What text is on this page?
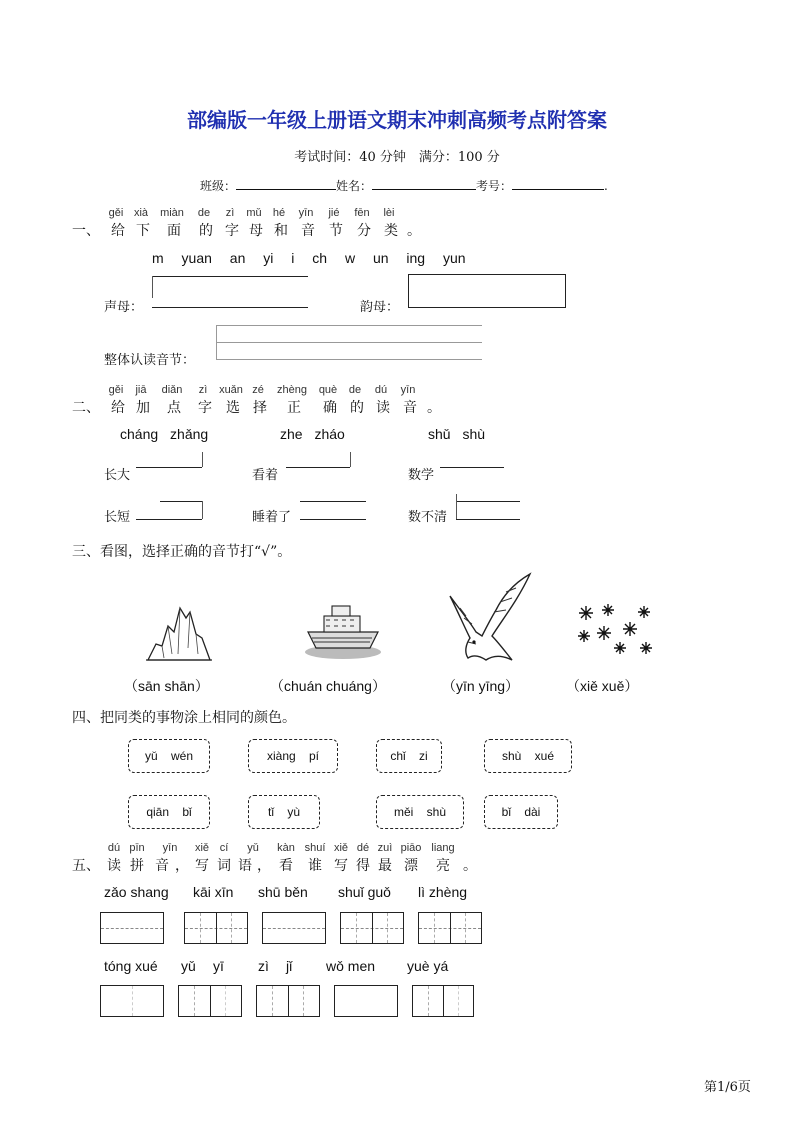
部编版一年级上册语文期末冲刺高频考点附答案
考试时间：40 分钟　满分：100 分
班级：	姓名：	考号：	.
gěi xià miàn de zì mǔ hé yīn jié fēn lèi
一、 给 下 面 的 字 母 和 音 节 分 类 。
m yuan an yi i ch w un ing yun
声母：	韵母：
整体认读音节：
gěi jiā diǎn zì xuǎn zé zhèng què de dú yīn
二、 给 加 点 字 选 择 正 确 的 读 音 。
cháng zhǎng	zhe zháo	shǔ shù
长大	看着	数学
长短	睡着了	数不清
三、看图，选择正确的音节打“√”。
（sān shān）	（chuán chuáng）	（yīn yīng）	（xiě xuě）
四、把同类的事物涂上相同的颜色。
yǔ wén	xiàng pí	chǐ zi	shù xué
qiān bǐ	tǐ yù	měi shù	bǐ dài
dú pīn yīn xiě cí yǔ kàn shuí xiě dé zuì piāo liang
五、 读 拼 音 ， 写 词 语 ， 看 谁 写 得 最 漂 亮 。
zǎo shang kāi xīn shū běn shuǐ guǒ lì zhèng
tóng xué yǔ yī zì jǐ wǒ men yuè yá
第1/6页
